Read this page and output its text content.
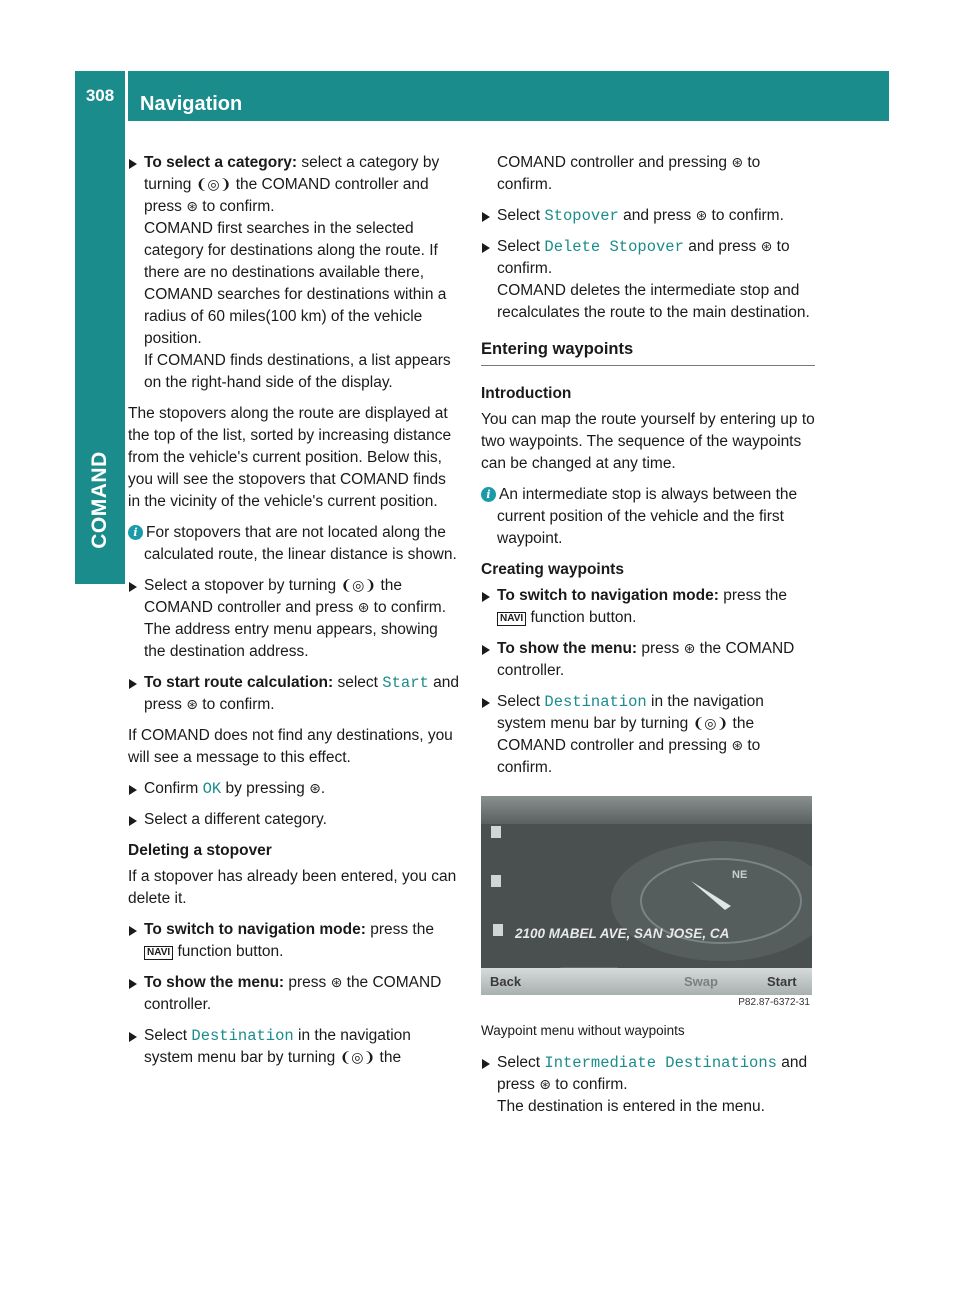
308	Navigation
COMAND
To select a category: select a category by turning ❨◎❩ the COMAND controller and press ⊛ to confirm.
COMAND first searches in the selected category for destinations along the route. If there are no destinations available there, COMAND searches for destinations within a radius of 60 miles(100 km) of the vehicle position.
If COMAND finds destinations, a list appears on the right-hand side of the display.

The stopovers along the route are displayed at the top of the list, sorted by increasing distance from the vehicle's current position. Below this, you will see the stopovers that COMAND finds in the vicinity of the vehicle's current position.

i For stopovers that are not located along the calculated route, the linear distance is shown.
Select a stopover by turning ❨◎❩ the COMAND controller and press ⊛ to confirm.
The address entry menu appears, showing the destination address.
To start route calculation: select Start and press ⊛ to confirm.

If COMAND does not find any destinations, you will see a message to this effect.

Confirm OK by pressing ⊛.
Select a different category.

Deleting a stopover

If a stopover has already been entered, you can delete it.

To switch to navigation mode: press the NAVI function button.
To show the menu: press ⊛ the COMAND controller.
Select Destination in the navigation system menu bar by turning ❨◎❩ the
COMAND controller and pressing ⊛ to confirm.
Select Stopover and press ⊛ to confirm.
Select Delete Stopover and press ⊛ to confirm.
COMAND deletes the intermediate stop and recalculates the route to the main destination.

Entering waypoints

Introduction

You can map the route yourself by entering up to two waypoints. The sequence of the waypoints can be changed at any time.

i An intermediate stop is always between the current position of the vehicle and the first waypoint.

Creating waypoints

To switch to navigation mode: press the NAVI function button.
To show the menu: press ⊛ the COMAND controller.
Select Destination in the navigation system menu bar by turning ❨◎❩ the COMAND controller and pressing ⊛ to confirm.
2100 MABEL AVE, SAN JOSE, CA
NE
Back	Swap	Start
P82.87-6372-31

Waypoint menu without waypoints

Select Intermediate Destinations and press ⊛ to confirm.
The destination is entered in the menu.
